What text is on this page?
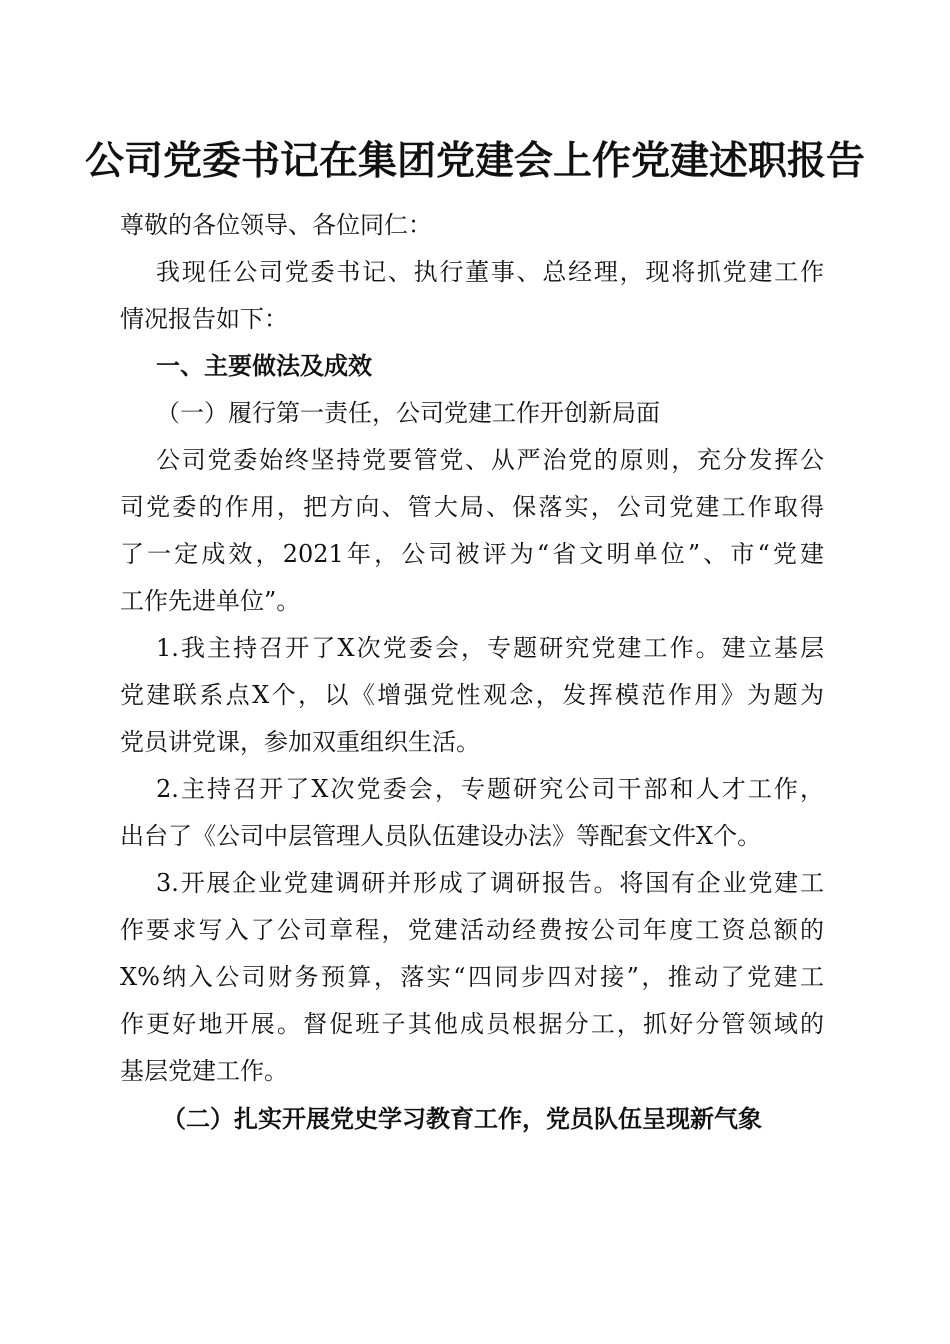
公司党委书记在集团党建会上作党建述职报告
尊敬的各位领导、各位同仁：
我现任公司党委书记、执行董事、总经理，现将抓党建工作
情况报告如下：
一、主要做法及成效
（一）履行第一责任，公司党建工作开创新局面
公司党委始终坚持党要管党、从严治党的原则，充分发挥公
司党委的作用，把方向、管大局、保落实，公司党建工作取得
了一定成效，2021年，公司被评为“省文明单位”、市“党建
工作先进单位”。
1.我主持召开了X次党委会，专题研究党建工作。建立基层
党建联系点X个，以《增强党性观念，发挥模范作用》为题为
党员讲党课，参加双重组织生活。
2.主持召开了X次党委会，专题研究公司干部和人才工作，
出台了《公司中层管理人员队伍建设办法》等配套文件X个。
3.开展企业党建调研并形成了调研报告。将国有企业党建工
作要求写入了公司章程，党建活动经费按公司年度工资总额的
X%纳入公司财务预算，落实“四同步四对接”，推动了党建工
作更好地开展。督促班子其他成员根据分工，抓好分管领域的
基层党建工作。
（二）扎实开展党史学习教育工作，党员队伍呈现新气象
